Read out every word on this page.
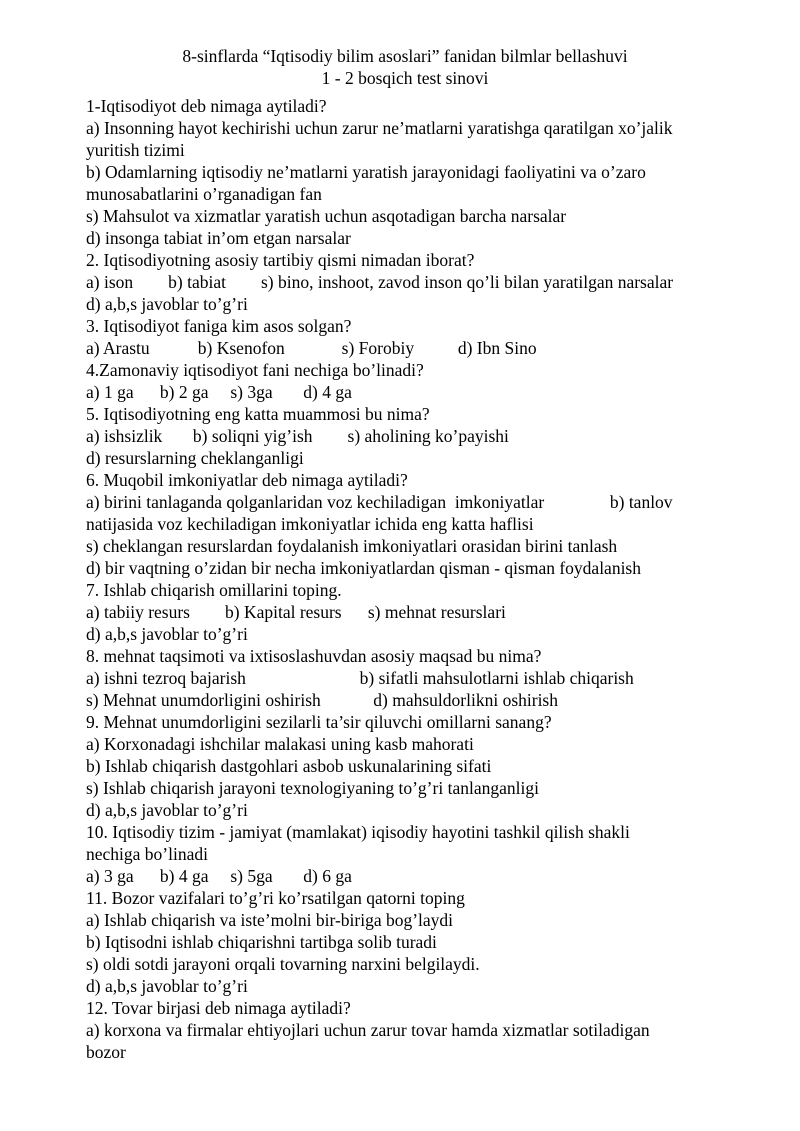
8-sinflarda “Iqtisodiy bilim asoslari” fanidan bilmlar bellashuvi
1 - 2 bosqich test sinovi
1-Iqtisodiyot deb nimaga aytiladi?
a) Insonning hayot kechirishi uchun zarur ne’matlarni yaratishga qaratilgan xo’jalik
yuritish tizimi
b) Odamlarning iqtisodiy ne’matlarni yaratish jarayonidagi faoliyatini va o’zaro
munosabatlarini o’rganadigan fan
s) Mahsulot va xizmatlar yaratish uchun asqotadigan barcha narsalar
d) insonga tabiat in’om etgan narsalar
2. Iqtisodiyotning asosiy tartibiy qismi nimadan iborat?
a) ison        b) tabiat        s) bino, inshoot, zavod inson qo’li bilan yaratilgan narsalar
d) a,b,s javoblar to’g’ri
3. Iqtisodiyot faniga kim asos solgan?
a) Arastu           b) Ksenofon             s) Forobiy          d) Ibn Sino
4.Zamonaviy iqtisodiyot fani nechiga bo’linadi?
a) 1 ga      b) 2 ga     s) 3ga       d) 4 ga
5. Iqtisodiyotning eng katta muammosi bu nima?
a) ishsizlik       b) soliqni yig’ish        s) aholining ko’payishi
d) resurslarning cheklanganligi
6. Muqobil imkoniyatlar deb nimaga aytiladi?
a) birini tanlaganda qolganlaridan voz kechiladigan  imkoniyatlar               b) tanlov
natijasida voz kechiladigan imkoniyatlar ichida eng katta haflisi
s) cheklangan resurslardan foydalanish imkoniyatlari orasidan birini tanlash
d) bir vaqtning o’zidan bir necha imkoniyatlardan qisman - qisman foydalanish
7. Ishlab chiqarish omillarini toping.
a) tabiiy resurs        b) Kapital resurs      s) mehnat resurslari
d) a,b,s javoblar to’g’ri
8. mehnat taqsimoti va ixtisoslashuvdan asosiy maqsad bu nima?
a) ishni tezroq bajarish                          b) sifatli mahsulotlarni ishlab chiqarish
s) Mehnat unumdorligini oshirish            d) mahsuldorlikni oshirish
9. Mehnat unumdorligini sezilarli ta’sir qiluvchi omillarni sanang?
a) Korxonadagi ishchilar malakasi uning kasb mahorati
b) Ishlab chiqarish dastgohlari asbob uskunalarining sifati
s) Ishlab chiqarish jarayoni texnologiyaning to’g’ri tanlanganligi
d) a,b,s javoblar to’g’ri
10. Iqtisodiy tizim - jamiyat (mamlakat) iqisodiy hayotini tashkil qilish shakli
nechiga bo’linadi
a) 3 ga      b) 4 ga     s) 5ga       d) 6 ga
11. Bozor vazifalari to’g’ri ko’rsatilgan qatorni toping
a) Ishlab chiqarish va iste’molni bir-biriga bog’laydi
b) Iqtisodni ishlab chiqarishni tartibga solib turadi
s) oldi sotdi jarayoni orqali tovarning narxini belgilaydi.
d) a,b,s javoblar to’g’ri
12. Tovar birjasi deb nimaga aytiladi?
a) korxona va firmalar ehtiyojlari uchun zarur tovar hamda xizmatlar sotiladigan
bozor
